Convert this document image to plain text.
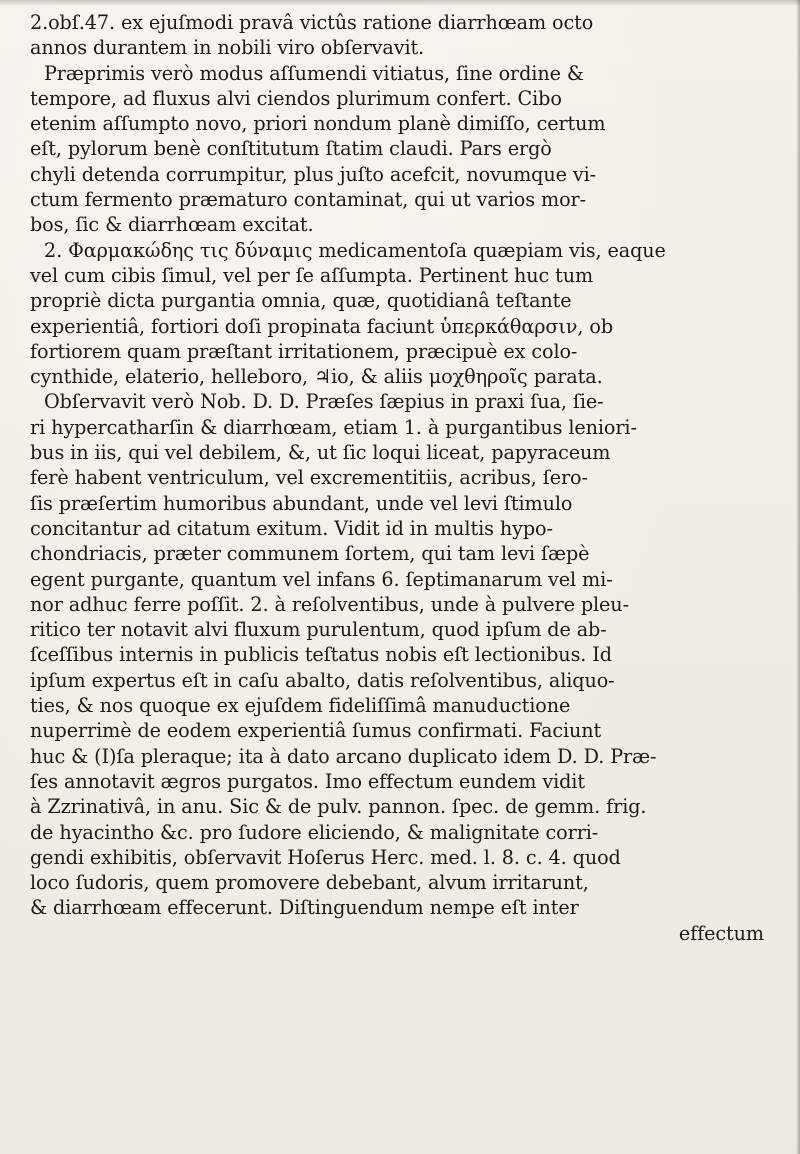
2.obſ.47. ex ejuſmodi pravâ victûs ratione diarrhœam octo
annos durantem in nobili viro obſervavit.
Præprimis verò modus aſſumendi vitiatus, ſine ordine &
tempore, ad fluxus alvi ciendos plurimum confert. Cibo
etenim aſſumpto novo, priori nondum planè dimiſſo, certum
eſt, pylorum benè conſtitutum ſtatim claudi. Pars ergò
chyli detenda corrumpitur, plus juſto acefcit, novumque vi-
ctum fermento præmaturo contaminat, qui ut varios mor-
bos, ſic & diarrhœam excitat.
2. Φαρμακώδης τις δύναμις medicamentoſa quæpiam vis, eaque
vel cum cibis ſimul, vel per ſe aſſumpta. Pertinent huc tum
propriè dicta purgantia omnia, quæ, quotidianâ teſtante
experientiâ, fortiori doſi propinata faciunt ὑπερκάθαρσιν, ob
fortiorem quam præſtant irritationem, præcipuè ex colo-
cynthide, elaterio, helleboro, ♃io, & aliis μοχθηροῖς parata.
Obſervavit verò Nob. D. D. Præſes ſæpius in praxi ſua, ſie-
ri hypercatharſin & diarrhœam, etiam 1. à purgantibus leniori-
bus in iis, qui vel debilem, &, ut ſic loqui liceat, papyraceum
ferè habent ventriculum, vel excrementitiis, acribus, ſero-
ſis præſertim humoribus abundant, unde vel levi ſtimulo
concitantur ad citatum exitum. Vidit id in multis hypo-
chondriacis, præter communem ſortem, qui tam levi ſæpè
egent purgante, quantum vel infans 6. ſeptimanarum vel mi-
nor adhuc ferre poſſit. 2. à reſolventibus, unde à pulvere pleu-
ritico ter notavit alvi fluxum purulentum, quod ipſum de ab-
ſceſſibus internis in publicis teſtatus nobis eſt lectionibus. Id
ipſum expertus eſt in caſu abalto, datis reſolventibus, aliquo-
ties, & nos quoque ex ejuſdem fideliſſimâ manuductione
nuperrimè de eodem experientiâ ſumus confirmati. Faciunt
huc & (I)ſa pleraque; ita à dato arcano duplicato idem D. D. Præ-
ſes annotavit ægros purgatos. Imo effectum eundem vidit
à Zzrinativâ, in anu. Sic & de pulv. pannon. ſpec. de gemm. frig.
de hyacintho &c. pro ſudore eliciendo, & malignitate corri-
gendi exhibitis, obſervavit Hoſerus Herc. med. l. 8. c. 4. quod
loco ſudoris, quem promovere debebant, alvum irritarunt,
& diarrhœam effecerunt. Diſtinguendum nempe eſt inter
effectum
